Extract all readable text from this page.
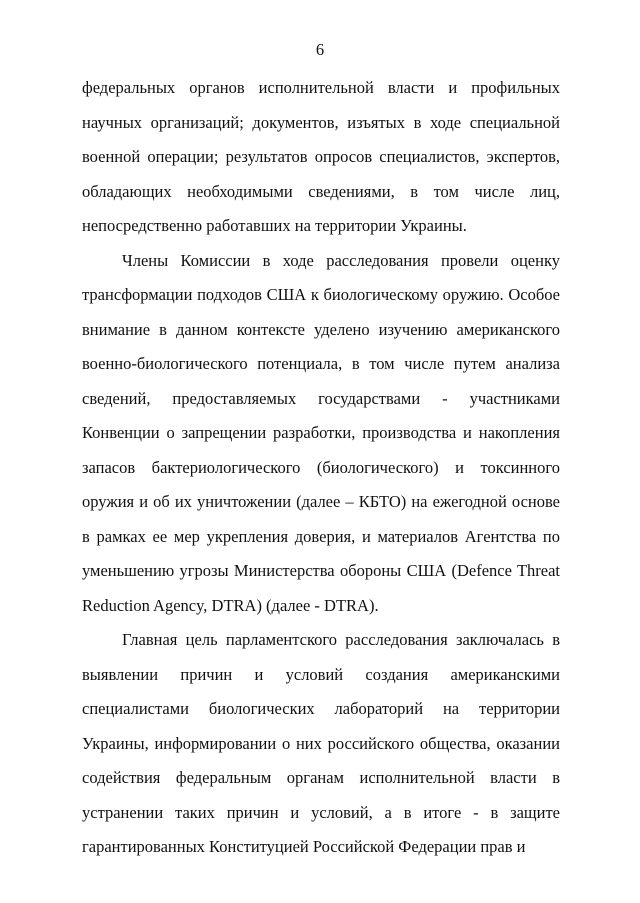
6

федеральных органов исполнительной власти и профильных научных организаций; документов, изъятых в ходе специальной военной операции; результатов опросов специалистов, экспертов, обладающих необходимыми сведениями, в том числе лиц, непосредственно работавших на территории Украины.

Члены Комиссии в ходе расследования провели оценку трансформации подходов США к биологическому оружию. Особое внимание в данном контексте уделено изучению американского военно-биологического потенциала, в том числе путем анализа сведений, предоставляемых государствами - участниками Конвенции о запрещении разработки, производства и накопления запасов бактериологического (биологического) и токсинного оружия и об их уничтожении (далее – КБТО) на ежегодной основе в рамках ее мер укрепления доверия, и материалов Агентства по уменьшению угрозы Министерства обороны США (Defence Threat Reduction Agency, DTRA) (далее - DTRA).

Главная цель парламентского расследования заключалась в выявлении причин и условий создания американскими специалистами биологических лабораторий на территории Украины, информировании о них российского общества, оказании содействия федеральным органам исполнительной власти в устранении таких причин и условий, а в итоге - в защите гарантированных Конституцией Российской Федерации прав и
